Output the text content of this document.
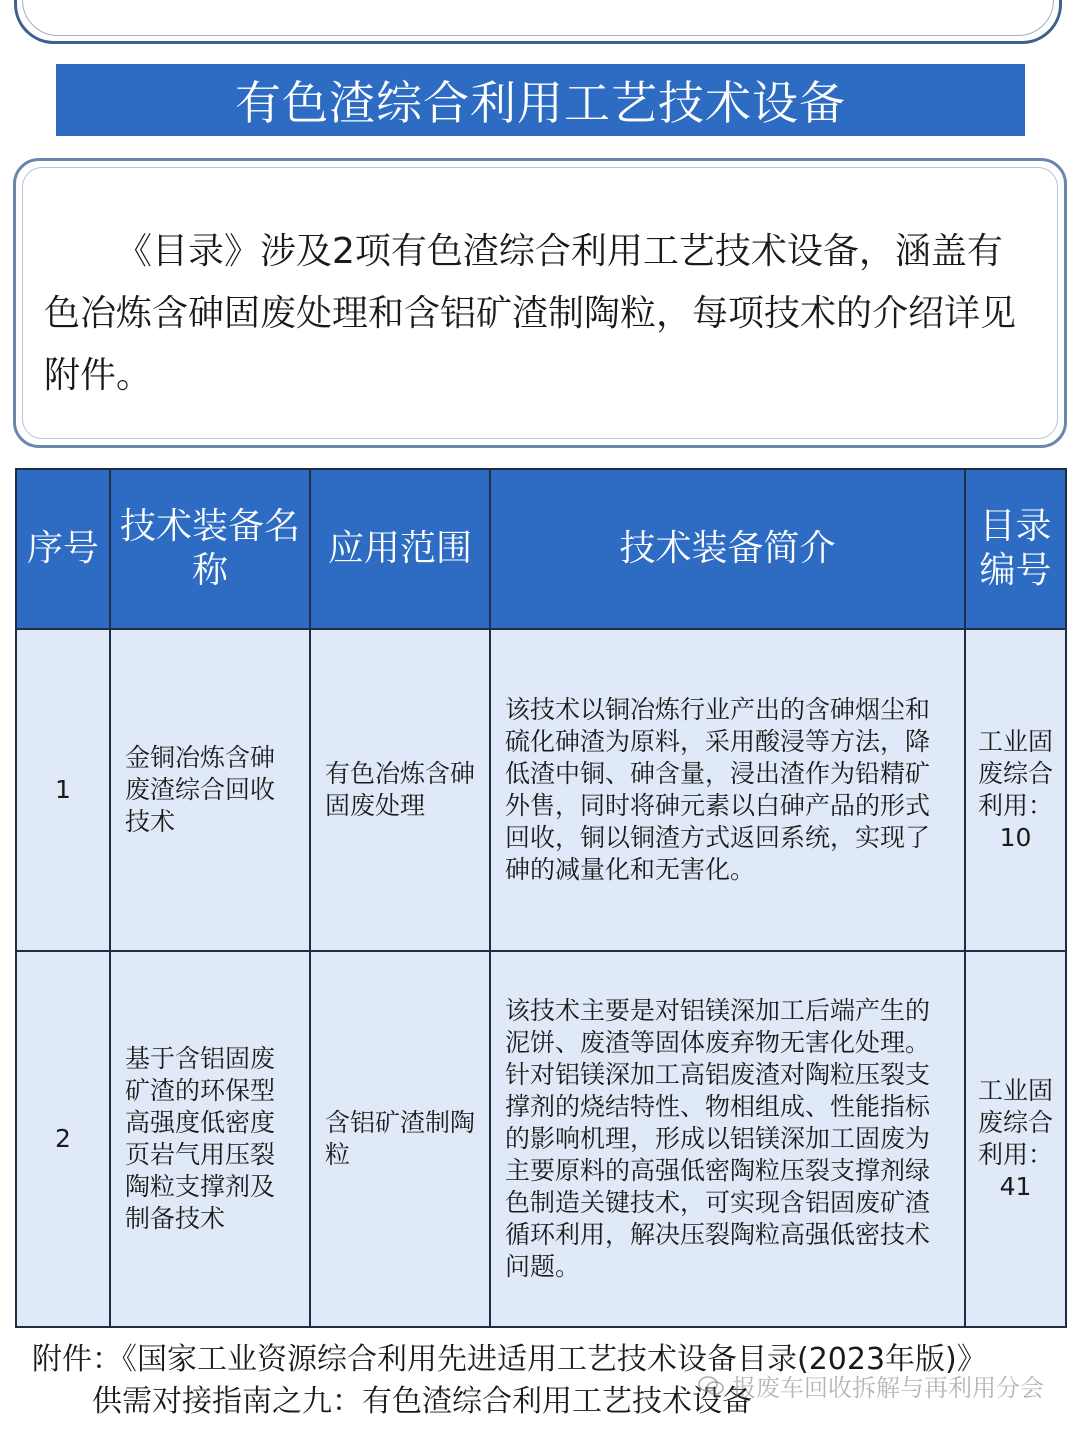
有色渣综合利用工艺技术设备
《目录》涉及2项有色渣综合利用工艺技术设备，涵盖有色冶炼含砷固废处理和含铝矿渣制陶粒，每项技术的介绍详见附件。
序号	技术装备名称	应用范围	技术装备简介	目录编号
1	金铜冶炼含砷废渣综合回收技术	有色冶炼含砷固废处理	该技术以铜冶炼行业产出的含砷烟尘和硫化砷渣为原料，采用酸浸等方法，降低渣中铜、砷含量，浸出渣作为铅精矿外售，同时将砷元素以白砷产品的形式回收，铜以铜渣方式返回系统，实现了砷的减量化和无害化。	工业固废综合利用：10
2	基于含铝固废矿渣的环保型高强度低密度页岩气用压裂陶粒支撑剂及制备技术	含铝矿渣制陶粒	该技术主要是对铝镁深加工后端产生的泥饼、废渣等固体废弃物无害化处理。针对铝镁深加工高铝废渣对陶粒压裂支撑剂的烧结特性、物相组成、性能指标的影响机理，形成以铝镁深加工固废为主要原料的高强低密陶粒压裂支撑剂绿色制造关键技术，可实现含铝固废矿渣循环利用，解决压裂陶粒高强低密技术问题。	工业固废综合利用：41
附件：《国家工业资源综合利用先进适用工艺技术设备目录(2023年版)》
供需对接指南之九：有色渣综合利用工艺技术设备
报废车回收拆解与再利用分会
